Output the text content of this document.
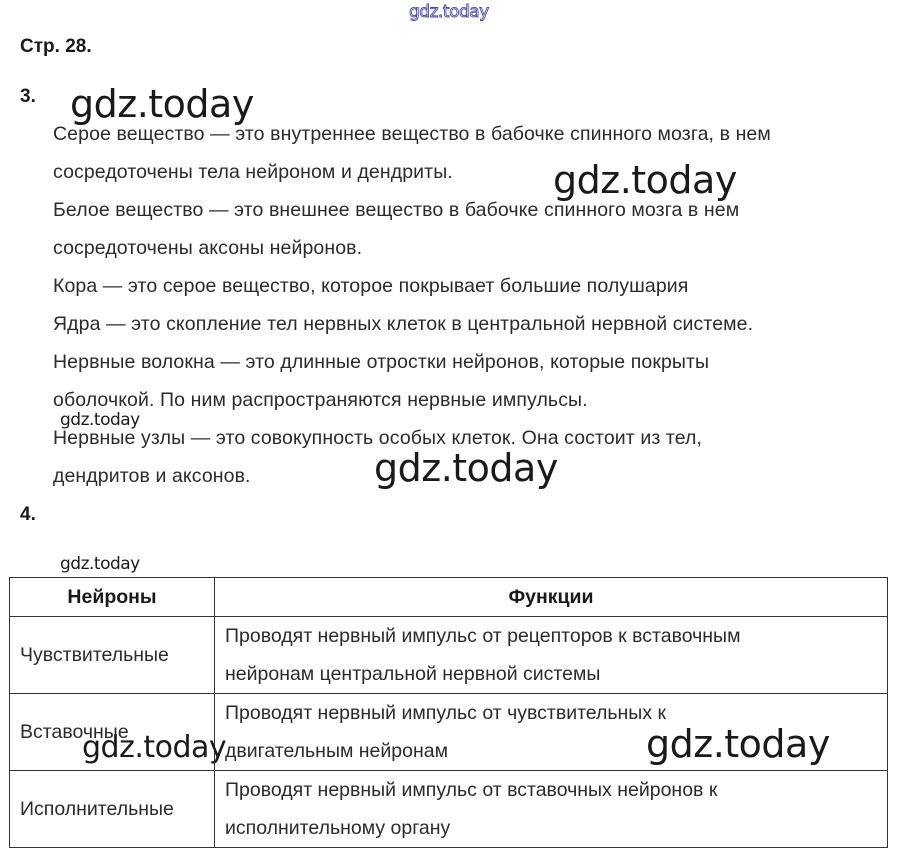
gdz.today
Стр. 28.
3.
Серое вещество — это внутреннее вещество в бабочке спинного мозга, в нем
сосредоточены тела нейроном и дендриты.
Белое вещество — это внешнее вещество в бабочке спинного мозга в нем
сосредоточены аксоны нейронов.
Кора — это серое вещество, которое покрывает большие полушария
Ядра — это скопление тел нервных клеток в центральной нервной системе.
Нервные волокна — это длинные отростки нейронов, которые покрыты
оболочкой. По ним распространяются нервные импульсы.
Нервные узлы — это совокупность особых клеток. Она состоит из тел,
дендритов и аксонов.
4.
Нейроны	Функции
Чувствительные	Проводят нервный импульс от рецепторов к вставочным
нейронам центральной нервной системы

Вставочные	Проводят нервный импульс от чувствительных к
двигательным нейронам

Исполнительные	Проводят нервный импульс от вставочных нейронов к
исполнительному органу
gdz.today
gdz.today
gdz.today
gdz.today
gdz.today
gdz.today	gdz.today
